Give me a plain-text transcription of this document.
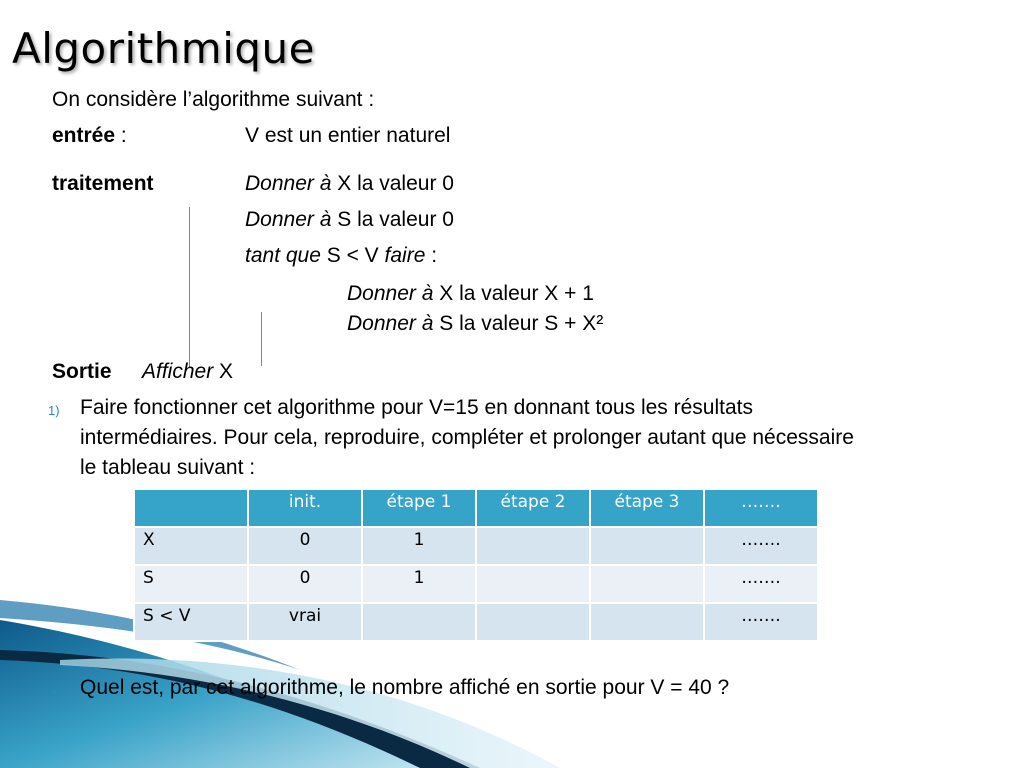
Algorithmique
On considère l’algorithme suivant :
entrée :	V est un entier naturel
traitement	Donner à X la valeur 0
Donner à S la valeur 0
tant que S < V faire :
Donner à X la valeur X + 1
Donner à S la valeur S + X²
Sortie Afficher X
1) Faire fonctionner cet algorithme pour V=15 en donnant tous les résultats
intermédiaires. Pour cela, reproduire, compléter et prolonger autant que nécessaire
le tableau suivant :
	init.	étape 1	étape 2	étape 3	…….
X	0	1			…….
S	0	1			…….
S < V	vrai				…….
• Quel est, par cet algorithme, le nombre affiché en sortie pour V = 40 ?
